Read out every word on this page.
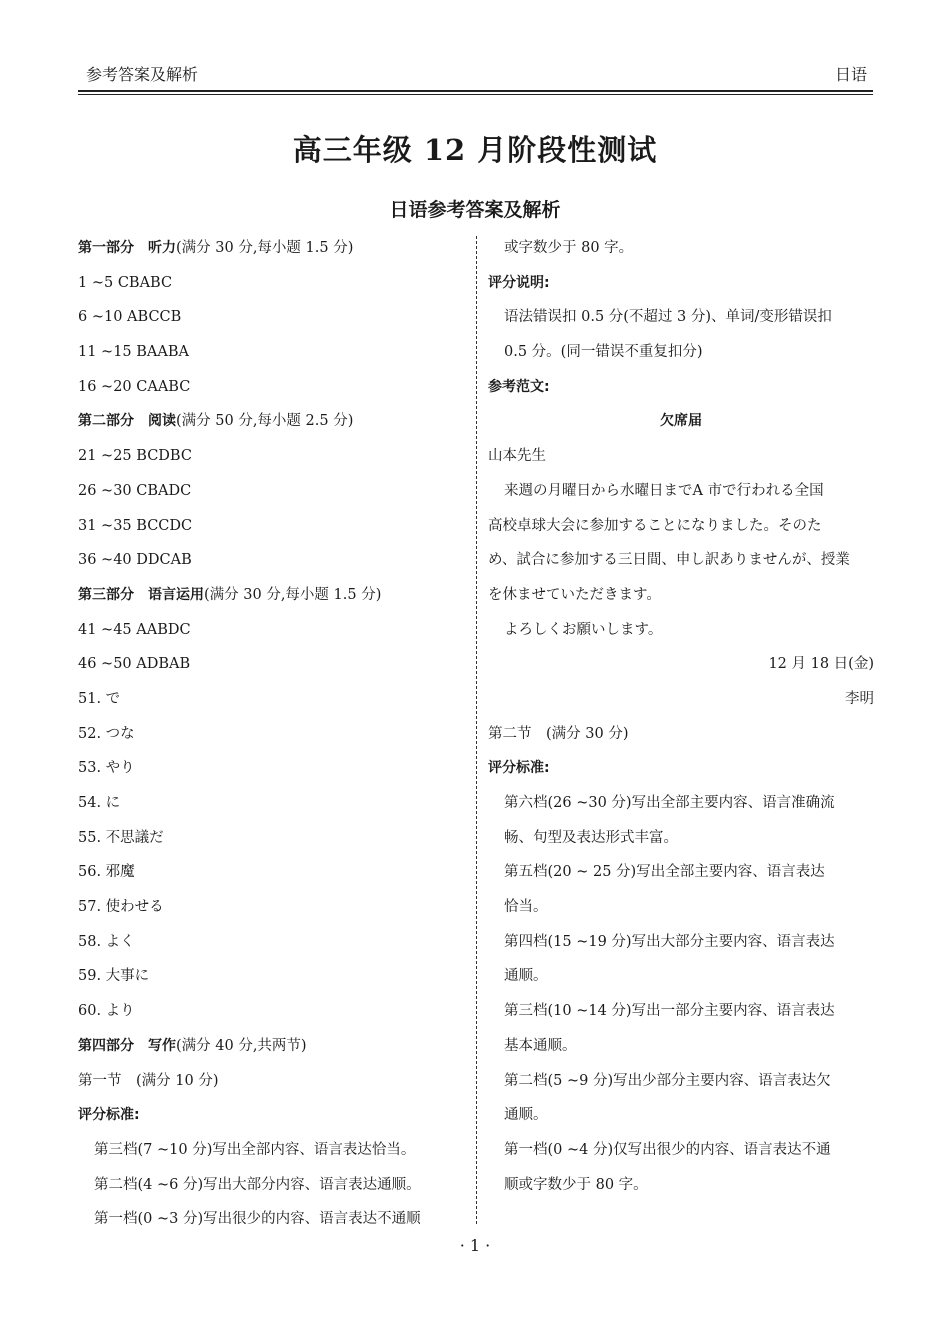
参考答案及解析	日语
高三年级 12 月阶段性测试
日语参考答案及解析
第一部分　听力(满分 30 分,每小题 1.5 分)
1 ~5 CBABC
6 ~10 ABCCB
11 ~15 BAABA
16 ~20 CAABC
第二部分　阅读(满分 50 分,每小题 2.5 分)
21 ~25 BCDBC
26 ~30 CBADC
31 ~35 BCCDC
36 ~40 DDCAB
第三部分　语言运用(满分 30 分,每小题 1.5 分)
41 ~45 AABDC
46 ~50 ADBAB
51. で
52. つな
53. やり
54. に
55. 不思議だ
56. 邪魔
57. 使わせる
58. よく
59. 大事に
60. より
第四部分　写作(满分 40 分,共两节)
第一节　(满分 10 分)
评分标准:
第三档(7 ~10 分)写出全部内容、语言表达恰当。
第二档(4 ~6 分)写出大部分内容、语言表达通顺。
第一档(0 ~3 分)写出很少的内容、语言表达不通顺
或字数少于 80 字。
评分说明:
语法错误扣 0.5 分(不超过 3 分)、单词/变形错误扣
0.5 分。(同一错误不重复扣分)
参考范文:
欠席届
山本先生
来週の月曜日から水曜日までA 市で行われる全国
高校卓球大会に参加することになりました。そのた
め、試合に参加する三日間、申し訳ありませんが、授業
を休ませていただきます。
よろしくお願いします。
12 月 18 日(金)
李明
第二节　(满分 30 分)
评分标准:
第六档(26 ~30 分)写出全部主要内容、语言准确流
畅、句型及表达形式丰富。
第五档(20 ~ 25 分)写出全部主要内容、语言表达
恰当。
第四档(15 ~19 分)写出大部分主要内容、语言表达
通顺。
第三档(10 ~14 分)写出一部分主要内容、语言表达
基本通顺。
第二档(5 ~9 分)写出少部分主要内容、语言表达欠
通顺。
第一档(0 ~4 分)仅写出很少的内容、语言表达不通
顺或字数少于 80 字。
· 1 ·
